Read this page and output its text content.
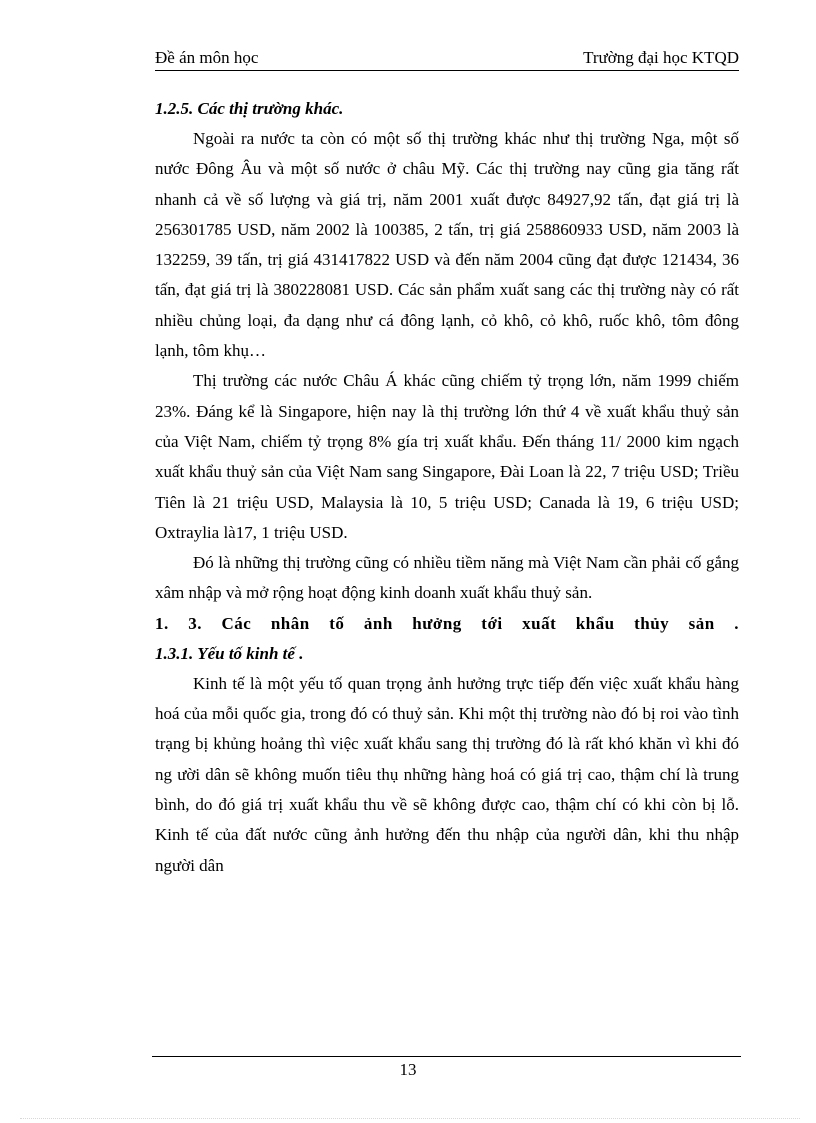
Đề án môn học	Trường đại học KTQD
1.2.5. Các thị trường khác.

Ngoài ra nước ta còn có một số thị trường khác như thị trường Nga, một số nước Đông Âu và một số nước ở châu Mỹ. Các thị trường nay cũng gia tăng rất nhanh cả về số lượng và giá trị, năm 2001 xuất được 84927,92 tấn, đạt giá trị là 256301785 USD, năm 2002 là 100385, 2 tấn, trị giá 258860933 USD, năm 2003 là 132259, 39 tấn, trị giá 431417822 USD và đến năm 2004 cũng đạt được 121434, 36 tấn, đạt giá trị là 380228081 USD. Các sản phẩm xuất sang các thị trường này có rất nhiều chủng loại, đa dạng như cá đông lạnh, cỏ khô, cỏ khô, ruốc khô, tôm đông lạnh, tôm khụ…

Thị trường các nước Châu Á khác cũng chiếm tỷ trọng lớn, năm 1999 chiếm 23%. Đáng kể là Singapore, hiện nay là thị trường lớn thứ 4 về xuất khẩu thuỷ sản của Việt Nam, chiếm tỷ trọng 8% gía trị xuất khẩu. Đến tháng 11/ 2000 kim ngạch xuất khẩu thuỷ sản của Việt Nam sang Singapore, Đài Loan là 22, 7 triệu USD; Triều Tiên là 21 triệu USD, Malaysia là 10, 5 triệu USD; Canada là 19, 6 triệu USD; Oxtraylia là17, 1 triệu USD.

Đó là những thị trường cũng có nhiều tiềm năng mà Việt Nam cần phải cố gắng xâm nhập và mở rộng hoạt động kinh doanh xuất khẩu thuỷ sản.

1. 3. Các nhân tố ảnh hưởng tới xuất khẩu thủy sản .
1.3.1. Yếu tố kinh tế .

Kinh tế là một yếu tố quan trọng ảnh hưởng trực tiếp đến việc xuất khẩu hàng hoá của mỗi quốc gia, trong đó có thuỷ sản. Khi một thị trường nào đó bị roi vào tình trạng bị khủng hoảng thì việc xuất khẩu sang thị trường đó là rất khó khăn vì khi đó ng ười dân sẽ không muốn tiêu thụ những hàng hoá có giá trị cao, thậm chí là trung bình, do đó giá trị xuất khẩu thu về sẽ không được cao, thậm chí có khi còn bị lỗ. Kinh tế của đất nước cũng ảnh hưởng đến thu nhập của người dân, khi thu nhập người dân

13
